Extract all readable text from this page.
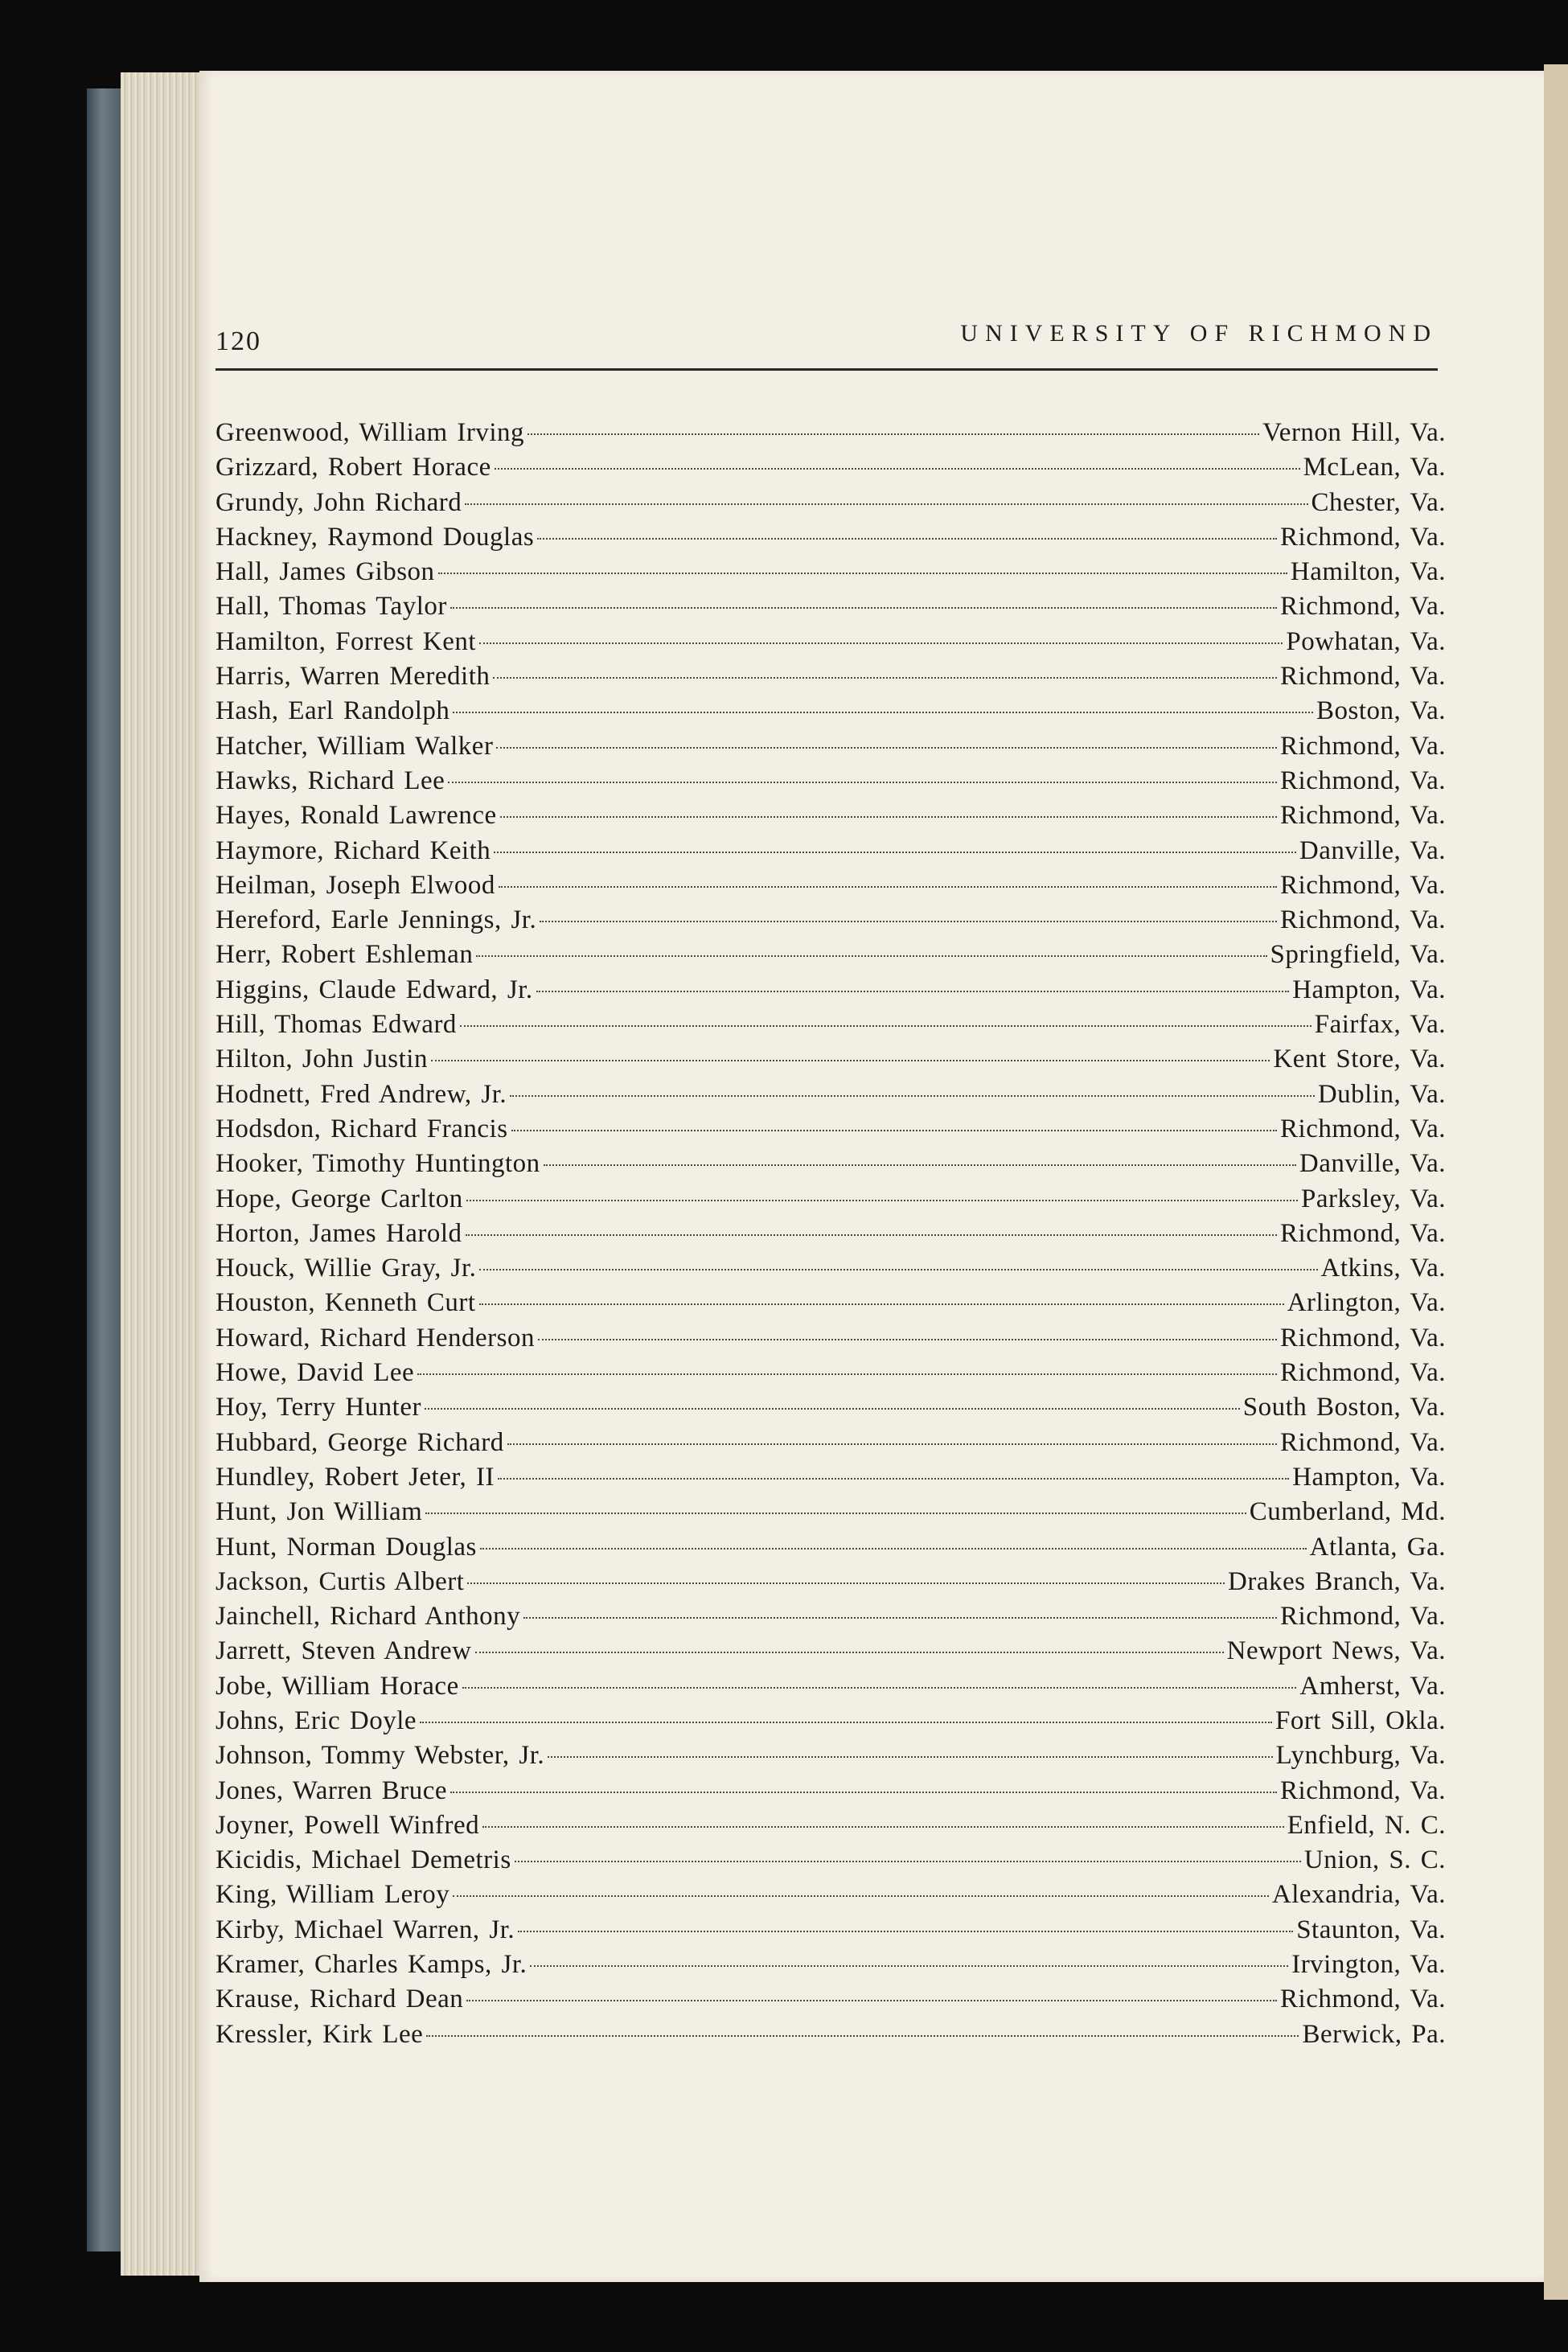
120	UNIVERSITY OF RICHMOND
Greenwood, William Irving	Vernon Hill, Va.
Grizzard, Robert Horace	McLean, Va.
Grundy, John Richard	Chester, Va.
Hackney, Raymond Douglas	Richmond, Va.
Hall, James Gibson	Hamilton, Va.
Hall, Thomas Taylor	Richmond, Va.
Hamilton, Forrest Kent	Powhatan, Va.
Harris, Warren Meredith	Richmond, Va.
Hash, Earl Randolph	Boston, Va.
Hatcher, William Walker	Richmond, Va.
Hawks, Richard Lee	Richmond, Va.
Hayes, Ronald Lawrence	Richmond, Va.
Haymore, Richard Keith	Danville, Va.
Heilman, Joseph Elwood	Richmond, Va.
Hereford, Earle Jennings, Jr.	Richmond, Va.
Herr, Robert Eshleman	Springfield, Va.
Higgins, Claude Edward, Jr.	Hampton, Va.
Hill, Thomas Edward	Fairfax, Va.
Hilton, John Justin	Kent Store, Va.
Hodnett, Fred Andrew, Jr.	Dublin, Va.
Hodsdon, Richard Francis	Richmond, Va.
Hooker, Timothy Huntington	Danville, Va.
Hope, George Carlton	Parksley, Va.
Horton, James Harold	Richmond, Va.
Houck, Willie Gray, Jr.	Atkins, Va.
Houston, Kenneth Curt	Arlington, Va.
Howard, Richard Henderson	Richmond, Va.
Howe, David Lee	Richmond, Va.
Hoy, Terry Hunter	South Boston, Va.
Hubbard, George Richard	Richmond, Va.
Hundley, Robert Jeter, II	Hampton, Va.
Hunt, Jon William	Cumberland, Md.
Hunt, Norman Douglas	Atlanta, Ga.
Jackson, Curtis Albert	Drakes Branch, Va.
Jainchell, Richard Anthony	Richmond, Va.
Jarrett, Steven Andrew	Newport News, Va.
Jobe, William Horace	Amherst, Va.
Johns, Eric Doyle	Fort Sill, Okla.
Johnson, Tommy Webster, Jr.	Lynchburg, Va.
Jones, Warren Bruce	Richmond, Va.
Joyner, Powell Winfred	Enfield, N. C.
Kicidis, Michael Demetris	Union, S. C.
King, William Leroy	Alexandria, Va.
Kirby, Michael Warren, Jr.	Staunton, Va.
Kramer, Charles Kamps, Jr.	Irvington, Va.
Krause, Richard Dean	Richmond, Va.
Kressler, Kirk Lee	Berwick, Pa.
